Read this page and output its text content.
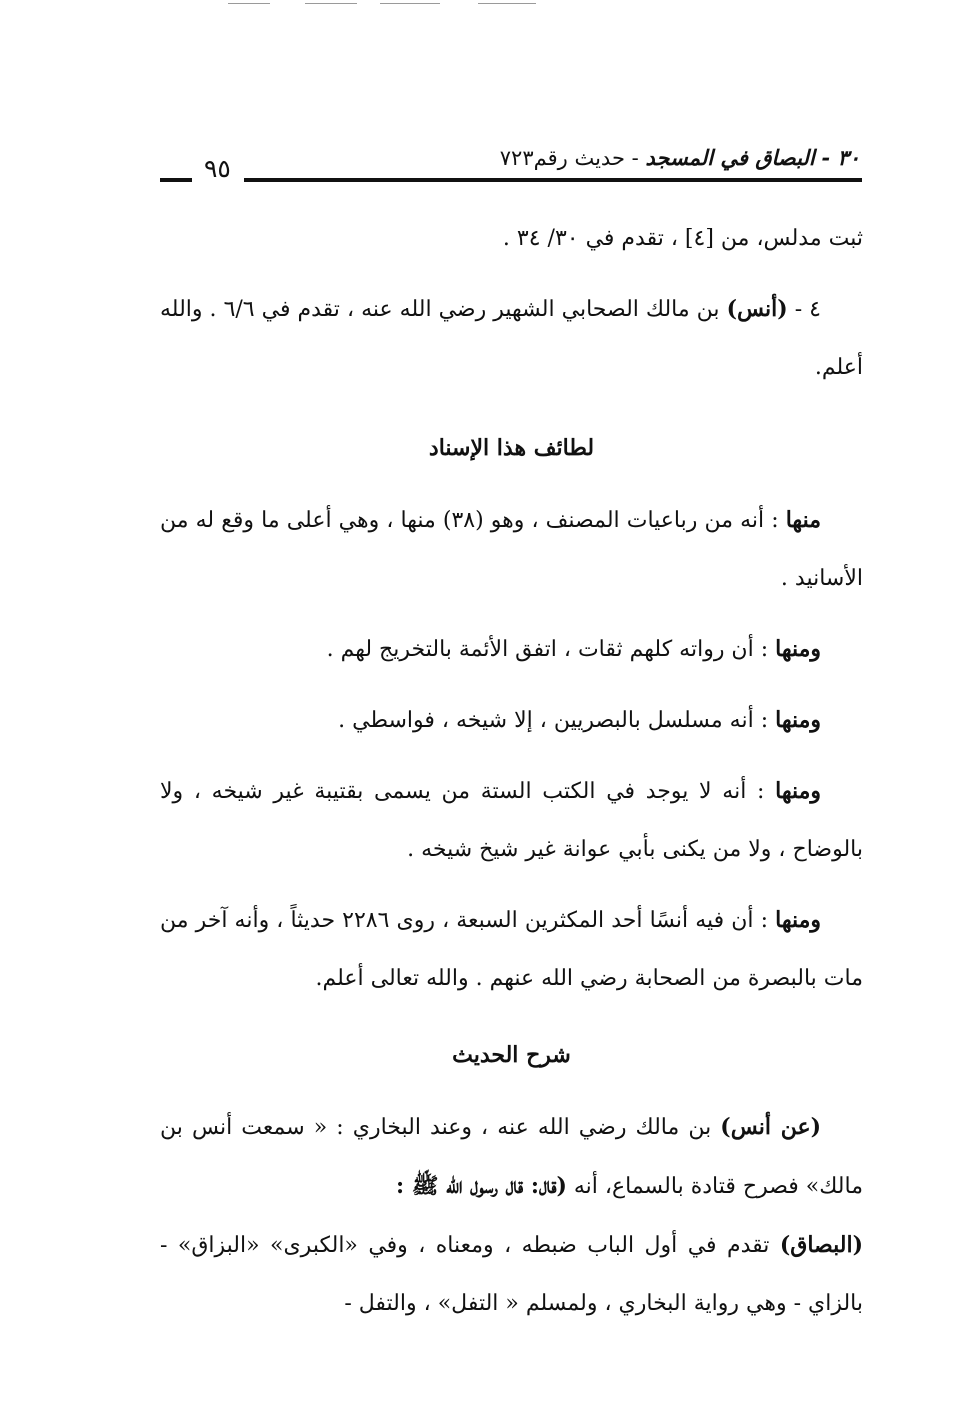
٣٠ - البصاق في المسجد - حديث رقم٧٢٣
٩٥

ثبت مدلس، من [٤] ، تقدم في ٣٠/ ٣٤ .

٤ - (أنس) بن مالك الصحابي الشهير رضي الله عنه ، تقدم في ٦/٦ . والله أعلم.

لطائف هذا الإسناد

منها : أنه من رباعيات المصنف ، وهو (٣٨) منها ، وهي أعلى ما وقع له من الأسانيد .

ومنها : أن رواته كلهم ثقات ، اتفق الأئمة بالتخريج لهم .

ومنها : أنه مسلسل بالبصريين ، إلا شيخه ، فواسطي .

ومنها : أنه لا يوجد في الكتب الستة من يسمى بقتيبة غير شيخه ، ولا بالوضاح ، ولا من يكنى بأبي عوانة غير شيخ شيخه .

ومنها : أن فيه أنسًا أحد المكثرين السبعة ، روى ٢٢٨٦ حديثاً ، وأنه آخر من مات بالبصرة من الصحابة رضي الله عنهم . والله تعالى أعلم.

شرح الحديث

(عن أنس) بن مالك رضي الله عنه ، وعند البخاري : « سمعت أنس بن مالك» فصرح قتادة بالسماع، أنه (قال: قال رسول الله ﷺ :
(البصاق) تقدم في أول الباب ضبطه ، ومعناه ، وفي «الكبرى» «البزاق» - بالزاي - وهي رواية البخاري ، ولمسلم « التفل» ، والتفل -
